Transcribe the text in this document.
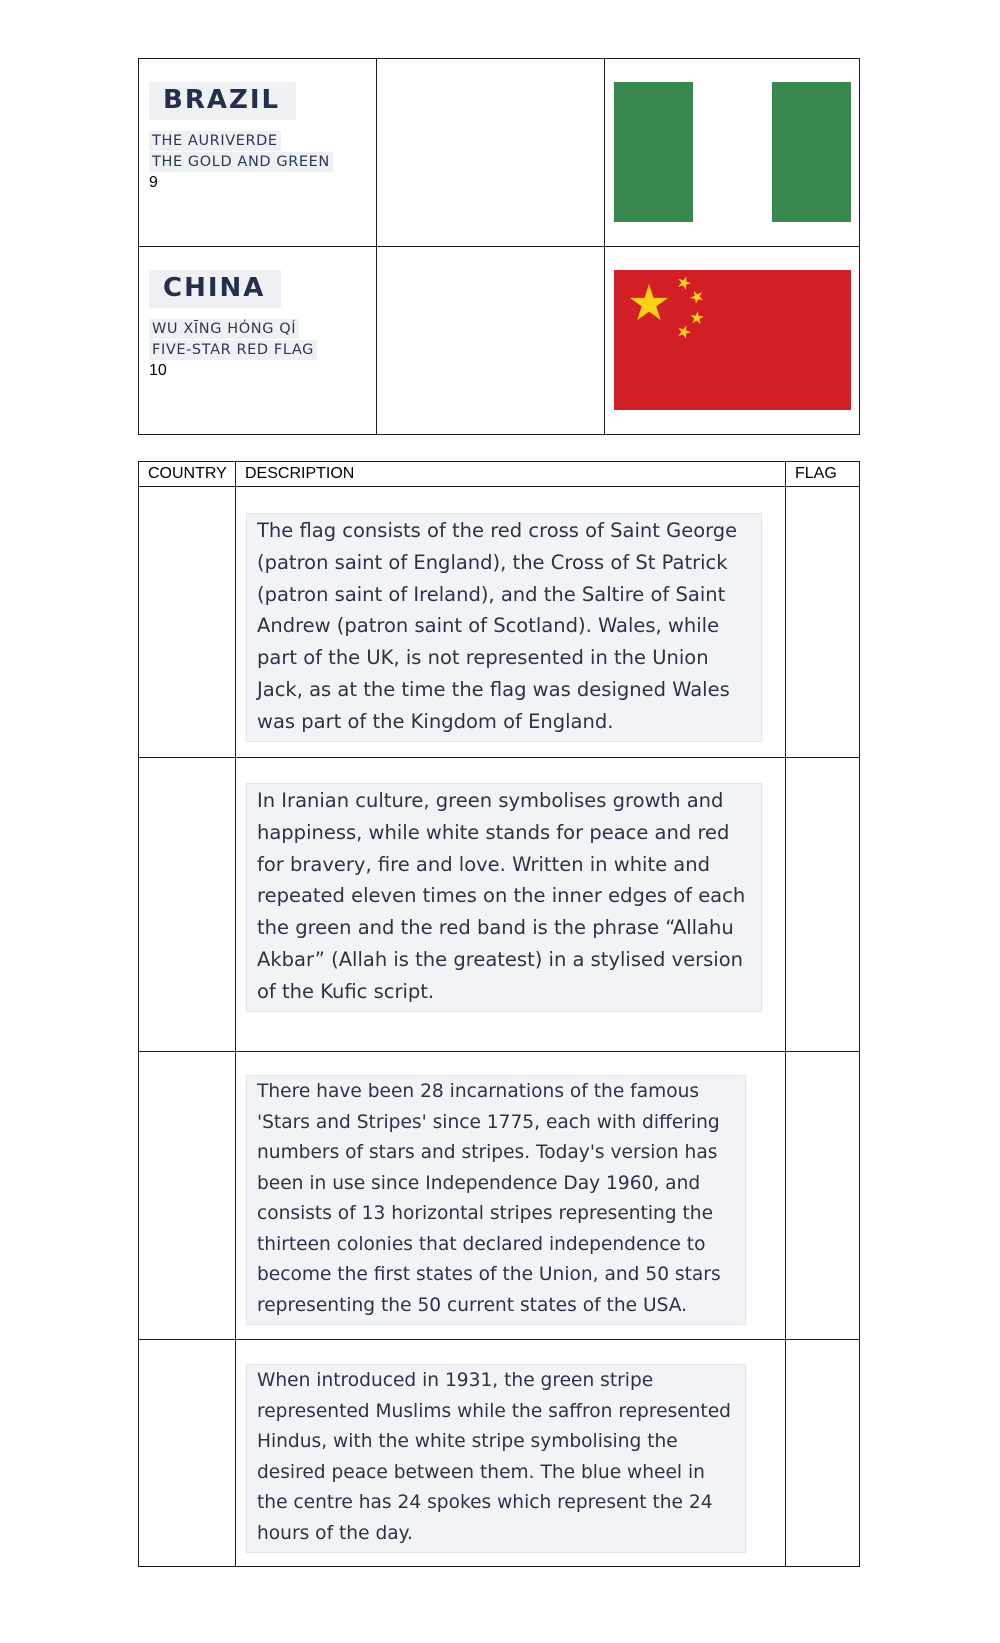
BRAZIL
THE AURIVERDE
THE GOLD AND GREEN
9

CHINA
WU XĪNG HÓNG QÍ
FIVE-STAR RED FLAG
10

COUNTRY	DESCRIPTION	FLAG

	The flag consists of the red cross of Saint George (patron saint of England), the Cross of St Patrick (patron saint of Ireland), and the Saltire of Saint Andrew (patron saint of Scotland). Wales, while part of the UK, is not represented in the Union Jack, as at the time the flag was designed Wales was part of the Kingdom of England.	

	In Iranian culture, green symbolises growth and happiness, while white stands for peace and red for bravery, fire and love. Written in white and repeated eleven times on the inner edges of each the green and the red band is the phrase “Allahu Akbar” (Allah is the greatest) in a stylised version of the Kufic script.	

	There have been 28 incarnations of the famous 'Stars and Stripes' since 1775, each with differing numbers of stars and stripes. Today's version has been in use since Independence Day 1960, and consists of 13 horizontal stripes representing the thirteen colonies that declared independence to become the first states of the Union, and 50 stars representing the 50 current states of the USA.	

	When introduced in 1931, the green stripe represented Muslims while the saffron represented Hindus, with the white stripe symbolising the desired peace between them. The blue wheel in the centre has 24 spokes which represent the 24 hours of the day.	
